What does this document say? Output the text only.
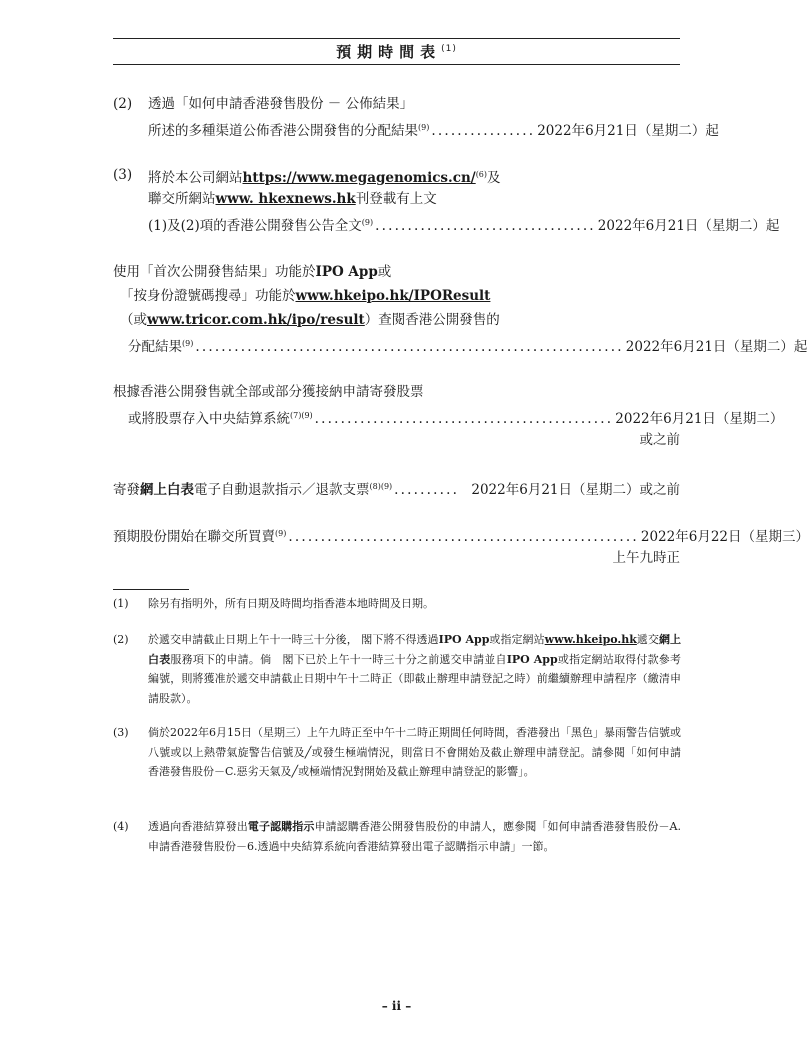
預期時間表$^{(1)}$
(2) 透過「如何申請香港發售股份 － 公佈結果」
所述的多種渠道公佈香港公開發售的分配結果$^{(9)}$ ................ 2022年6月21日（星期二）起
(3) 將於本公司網站https://www.megagenomics.cn/$^{(6)}$及
聯交所網站www. hkexnews.hk刊登載有上文
(1)及(2)項的香港公開發售公告全文$^{(9)}$ .................................. 2022年6月21日（星期二）起
使用「首次公開發售結果」功能於IPO App或
「按身份證號碼搜尋」功能於www.hkeipo.hk/IPOResult
（或www.tricor.com.hk/ipo/result）查閱香港公開發售的
分配結果$^{(9)}$ .................................................................. 2022年6月21日（星期二）起
根據香港公開發售就全部或部分獲接納申請寄發股票
或將股票存入中央結算系統$^{(7)(9)}$ .............................................. 2022年6月21日（星期二）
或之前
寄發網上白表電子自動退款指示／退款支票$^{(8)(9)}$ .......... 2022年6月21日（星期二）或之前
預期股份開始在聯交所買賣$^{(9)}$ ...................................................... 2022年6月22日（星期三）
上午九時正
(1) 除另有指明外，所有日期及時間均指香港本地時間及日期。
(2) 於遞交申請截止日期上午十一時三十分後， 閣下將不得透過IPO App或指定網站www.hkeipo.hk遞交網上白表服務項下的申請。倘　閣下已於上午十一時三十分之前遞交申請並自IPO App或指定網站取得付款參考編號，則將獲准於遞交申請截止日期中午十二時正（即截止辦理申請登記之時）前繼續辦理申請程序（繳清申請股款）。
(3) 倘於2022年6月15日（星期三）上午九時正至中午十二時正期間任何時間，香港發出「黑色」暴雨警告信號或八號或以上熱帶氣旋警告信號及╱或發生極端情況，則當日不會開始及截止辦理申請登記。請參閱「如何申請香港發售股份－C.惡劣天氣及╱或極端情況對開始及截止辦理申請登記的影響」。
(4) 透過向香港結算發出電子認購指示申請認購香港公開發售股份的申請人，應參閱「如何申請香港發售股份－A.申請香港發售股份－6.透過中央結算系統向香港結算發出電子認購指示申請」一節。
– ii –
